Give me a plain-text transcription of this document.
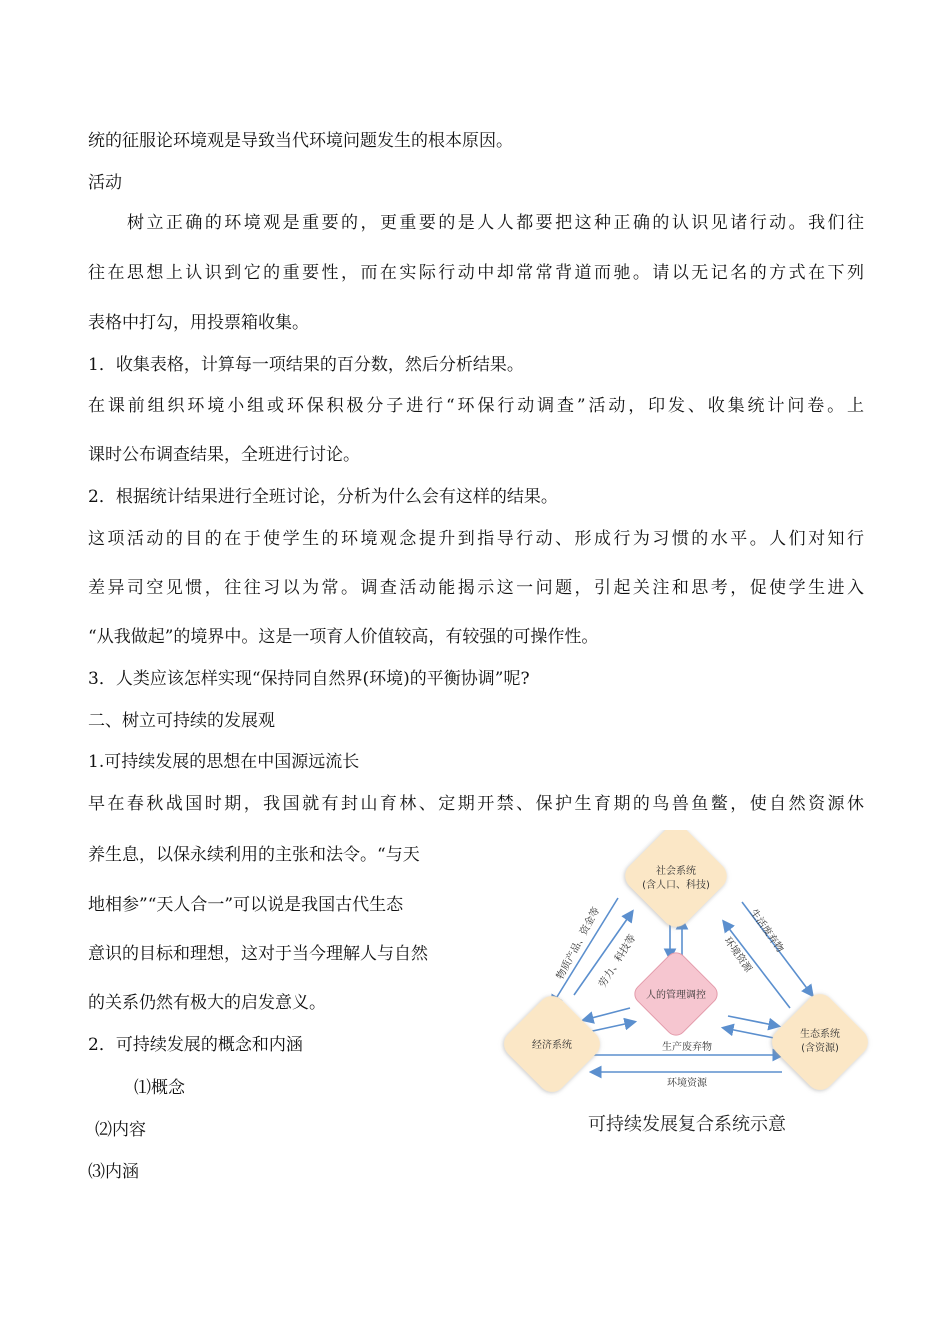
统的征服论环境观是导致当代环境问题发生的根本原因。

活动

树立正确的环境观是重要的，更重要的是人人都要把这种正确的认识见诸行动。我们往

往在思想上认识到它的重要性，而在实际行动中却常常背道而驰。请以无记名的方式在下列

表格中打勾，用投票箱收集。

1．收集表格，计算每一项结果的百分数，然后分析结果。

在课前组织环境小组或环保积极分子进行“环保行动调查”活动，印发、收集统计问卷。上

课时公布调查结果，全班进行讨论。

2．根据统计结果进行全班讨论，分析为什么会有这样的结果。

这项活动的目的在于使学生的环境观念提升到指导行动、形成行为习惯的水平。人们对知行

差异司空见惯，往往习以为常。调查活动能揭示这一问题，引起关注和思考，促使学生进入

“从我做起”的境界中。这是一项育人价值较高，有较强的可操作性。

3．人类应该怎样实现“保持同自然界(环境)的平衡协调”呢?

二、树立可持续的发展观

1.可持续发展的思想在中国源远流长

早在春秋战国时期，我国就有封山育林、定期开禁、保护生育期的鸟兽鱼鳖，使自然资源休

养生息，以保永续利用的主张和法令。“与天

地相参”“天人合一”可以说是我国古代生态

意识的目标和理想，这对于当今理解人与自然

的关系仍然有极大的启发意义。

2．可持续发展的概念和内涵

⑴概念

⑵内容

⑶内涵

社会系统
(含人口、科技)
人的管理调控
经济系统
生态系统
(含资源)
物质产品、资金等
劳力、科技等
生活废弃物
环境资源
生产废弃物
环境资源
可持续发展复合系统示意
